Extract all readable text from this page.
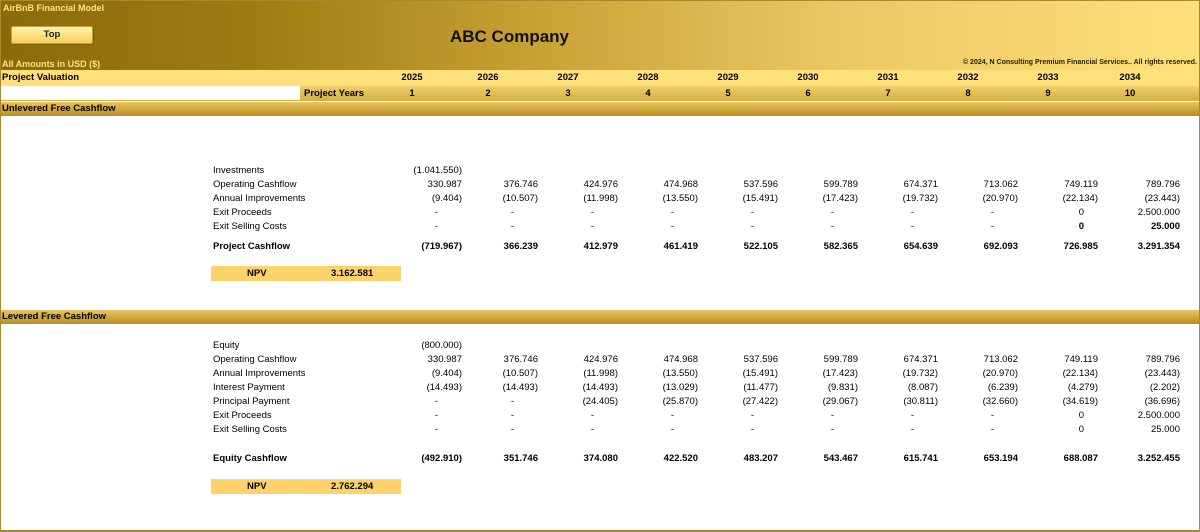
AirBnB Financial Model
Top	ABC Company
All Amounts in USD ($)	© 2024, N Consulting Premium Financial Services.. All rights reserved.
Project Valuation	2025	2026	2027	2028	2029	2030	2031	2032	2033	2034
Project Years	1	2	3	4	5	6	7	8	9	10
Unlevered Free Cashflow
Investments	(1.041.550)
Operating Cashflow	330.987	376.746	424.976	474.968	537.596	599.789	674.371	713.062	749.119	789.796
Annual Improvements	(9.404)	(10.507)	(11.998)	(13.550)	(15.491)	(17.423)	(19.732)	(20.970)	(22.134)	(23.443)
Exit Proceeds	-	-	-	-	-	-	-	-	0	2.500.000
Exit Selling Costs	-	-	-	-	-	-	-	-	0	25.000
Project Cashflow	(719.967)	366.239	412.979	461.419	522.105	582.365	654.639	692.093	726.985	3.291.354
NPV	3.162.581
Levered Free Cashflow
Equity	(800.000)
Operating Cashflow	330.987	376.746	424.976	474.968	537.596	599.789	674.371	713.062	749.119	789.796
Annual Improvements	(9.404)	(10.507)	(11.998)	(13.550)	(15.491)	(17.423)	(19.732)	(20.970)	(22.134)	(23.443)
Interest Payment	(14.493)	(14.493)	(14.493)	(13.029)	(11.477)	(9.831)	(8.087)	(6.239)	(4.279)	(2.202)
Principal Payment	-	-	(24.405)	(25.870)	(27.422)	(29.067)	(30.811)	(32.660)	(34.619)	(36.696)
Exit Proceeds	-	-	-	-	-	-	-	-	0	2.500.000
Exit Selling Costs	-	-	-	-	-	-	-	-	0	25.000
Equity Cashflow	(492.910)	351.746	374.080	422.520	483.207	543.467	615.741	653.194	688.087	3.252.455
NPV	2.762.294
